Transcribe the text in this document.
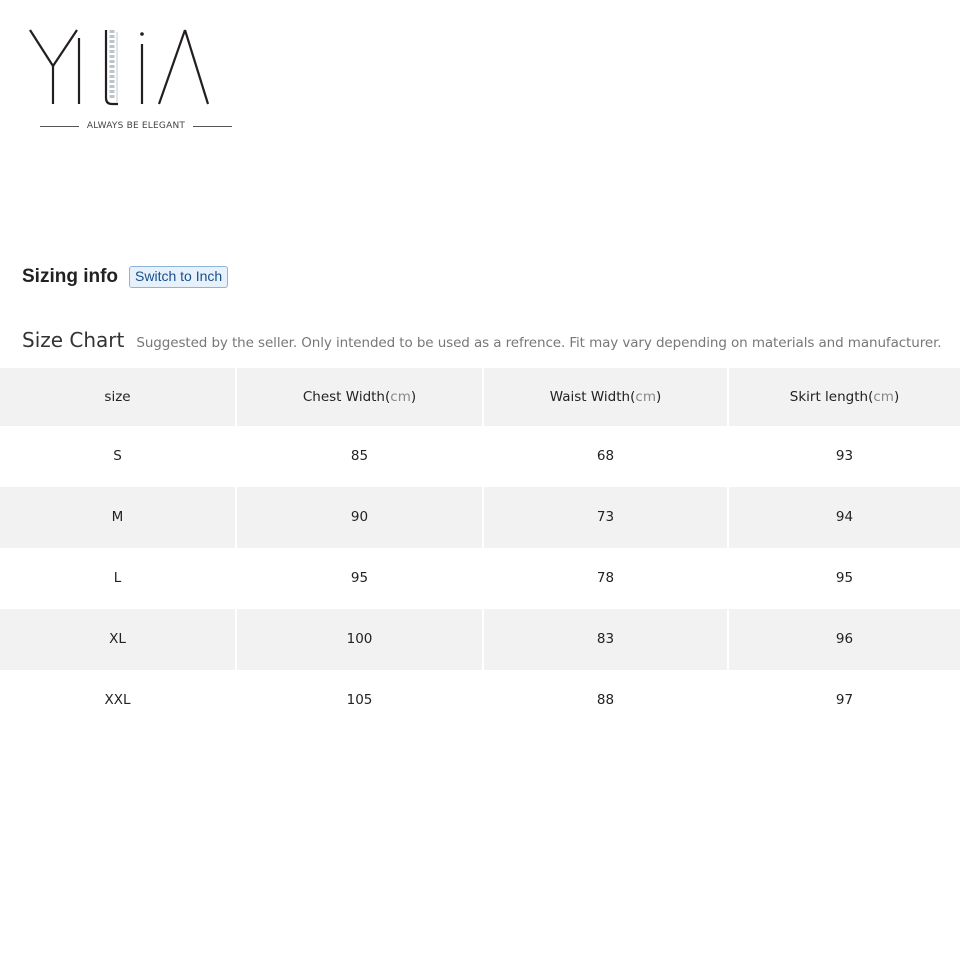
ALWAYS BE ELEGANT
Sizing info	Switch to Inch
Size Chart Suggested by the seller. Only intended to be used as a refrence. Fit may vary depending on materials and manufacturer.
size	Chest Width ( cm )	Waist Width ( cm )	Skirt length ( cm )
S	85	68	93
M	90	73	94
L	95	78	95
XL	100	83	96
XXL	105	88	97
